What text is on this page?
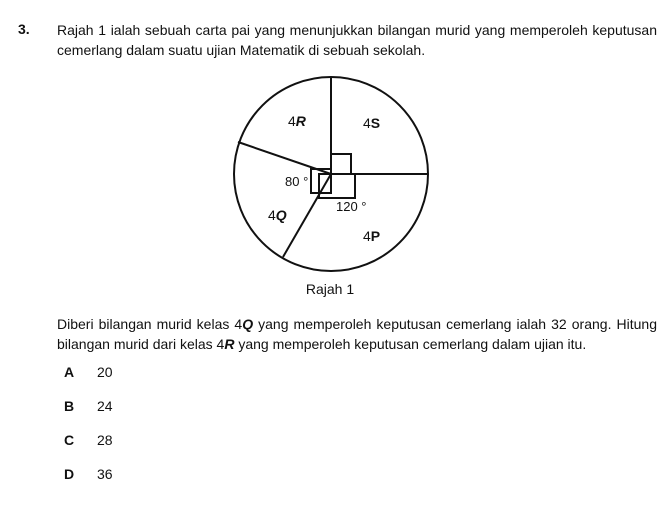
3. Rajah 1 ialah sebuah carta pai yang menunjukkan bilangan murid yang memperoleh keputusan cemerlang dalam suatu ujian Matematik di sebuah sekolah.
4R	4S
4Q
4P
80 °
120 °
Rajah 1
Diberi bilangan murid kelas 4Q yang memperoleh keputusan cemerlang ialah 32 orang. Hitung bilangan murid dari kelas 4R yang memperoleh keputusan cemerlang dalam ujian itu.
A 20
B 24
C 28
D 36
